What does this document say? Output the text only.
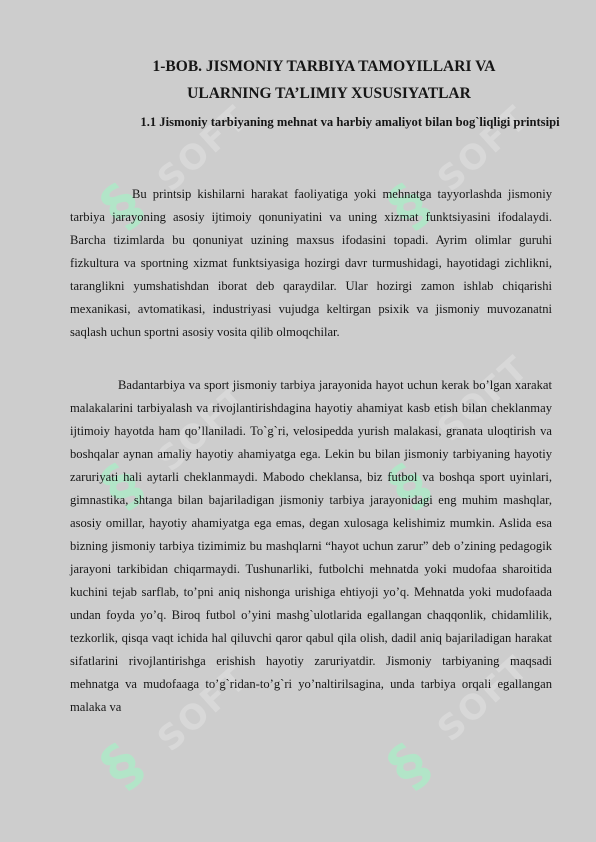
§
SOFT
§
SOFT
§
SOFT
§
SOFT
§
SOFT
§
SOFT
1-BOB. JISMONIY TARBIYA TAMOYILLARI VA
ULARNING TA’LIMIY XUSUSIYATLAR
1.1 Jismoniy tarbiyaning mehnat va harbiy amaliyot bilan bog`liqligi printsipi

Bu printsip kishilarni harakat faoliyatiga yoki mehnatga tayyorlashda jismoniy tarbiya jarayoning asosiy ijtimoiy qonuniyatini va uning xizmat funktsiyasini ifodalaydi. Barcha tizimlarda bu qonuniyat uzining maxsus ifodasini topadi. Ayrim olimlar guruhi fizkultura va sportning xizmat funktsiyasiga hozirgi davr turmushidagi, hayotidagi zichlikni, taranglikni yumshatishdan iborat deb qaraydilar. Ular hozirgi zamon ishlab chiqarishi mexanikasi, avtomatikasi, industriyasi vujudga keltirgan psixik va jismoniy muvozanatni saqlash uchun sportni asosiy vosita qilib olmoqchilar.

Badantarbiya va sport jismoniy tarbiya jarayonida hayot uchun kerak bo’lgan xarakat malakalarini tarbiyalash va rivojlantirishdagina hayotiy ahamiyat kasb etish bilan cheklanmay ijtimoiy hayotda ham qo’llaniladi. To`g`ri, velosipedda yurish malakasi, granata uloqtirish va boshqalar aynan amaliy hayotiy ahamiyatga ega. Lekin bu bilan jismoniy tarbiyaning hayotiy zaruriyati hali aytarli cheklanmaydi. Mabodo cheklansa, biz futbol va boshqa sport uyinlari, gimnastika, shtanga bilan bajariladigan jismoniy tarbiya jarayonidagi eng muhim mashqlar, asosiy omillar, hayotiy ahamiyatga ega emas, degan xulosaga kelishimiz mumkin. Aslida esa bizning jismoniy tarbiya tizimimiz bu mashqlarni “hayot uchun zarur” deb o’zining pedagogik jarayoni tarkibidan chiqarmaydi. Tushunarliki, futbolchi mehnatda yoki mudofaa sharoitida kuchini tejab sarflab, to’pni aniq nishonga urishiga ehtiyoji yo’q. Mehnatda yoki mudofaada undan foyda yo’q. Biroq futbol o’yini mashg`ulotlarida egallangan chaqqonlik, chidamlilik, tezkorlik, qisqa vaqt ichida hal qiluvchi qaror qabul qila olish, dadil aniq bajariladigan harakat sifatlarini rivojlantirishga erishish hayotiy zaruriyatdir. Jismoniy tarbiyaning maqsadi mehnatga va mudofaaga to’g`ridan-to’g`ri yo’naltirilsagina, unda tarbiya orqali egallangan malaka va
